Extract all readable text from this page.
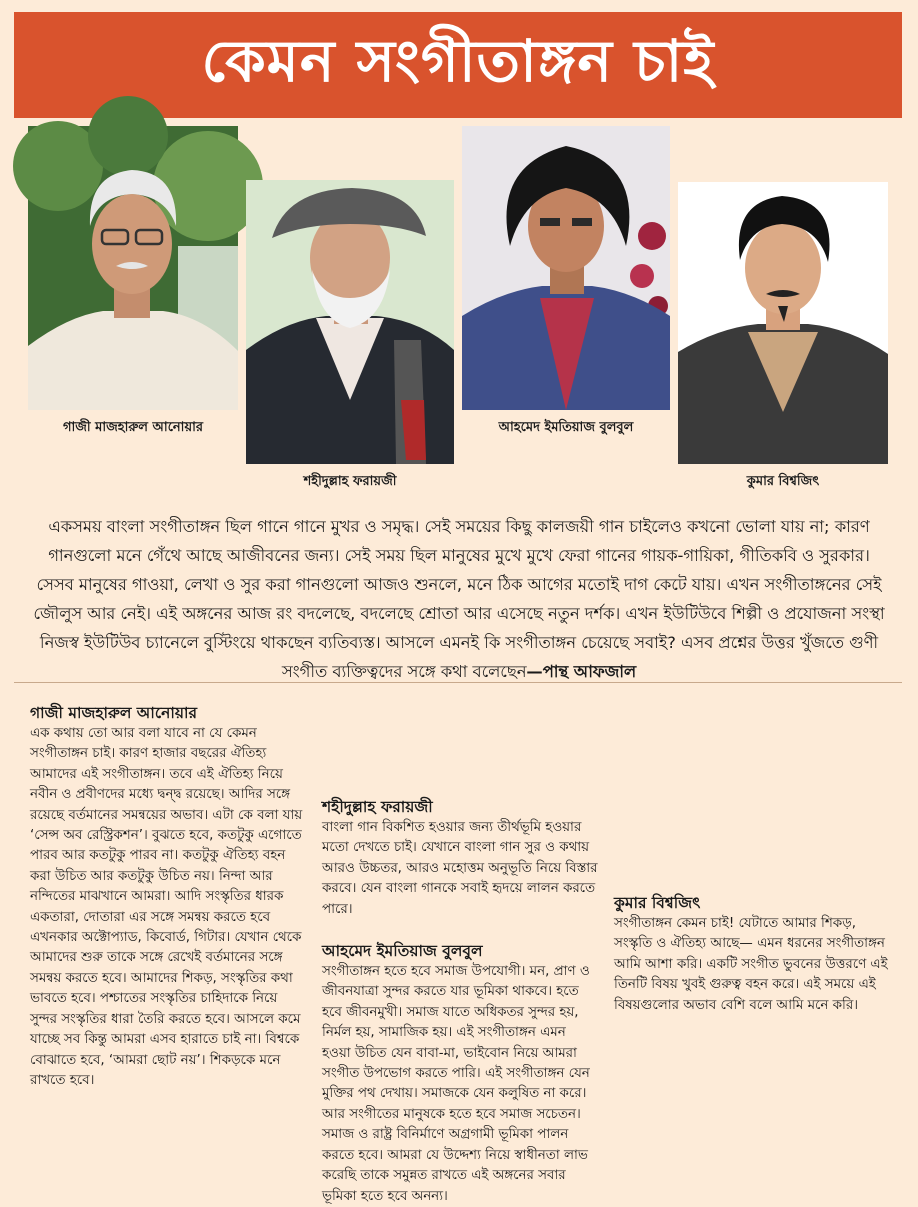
কেমন সংগীতাঙ্গন চাই
গাজী মাজহারুল আনোয়ার
শহীদুল্লাহ ফরায়জী
আহমেদ ইমতিয়াজ বুলবুল
কুমার বিশ্বজিৎ

একসময় বাংলা সংগীতাঙ্গন ছিল গানে গানে মুখর ও সমৃদ্ধ। সেই সময়ের কিছু কালজয়ী গান চাইলেও কখনো ভোলা যায় না; কারণ গানগুলো মনে গেঁথে আছে আজীবনের জন্য। সেই সময় ছিল মানুষের মুখে মুখে ফেরা গানের গায়ক-গায়িকা, গীতিকবি ও সুরকার। সেসব মানুষের গাওয়া, লেখা ও সুর করা গানগুলো আজও শুনলে, মনে ঠিক আগের মতোই দাগ কেটে যায়। এখন সংগীতাঙ্গনের সেই জৌলুস আর নেই। এই অঙ্গনের আজ রং বদলেছে, বদলেছে শ্রোতা আর এসেছে নতুন দর্শক। এখন ইউটিউবে শিল্পী ও প্রযোজনা সংস্থা নিজস্ব ইউটিউব চ্যানেলে বুস্টিংয়ে থাকছেন ব্যতিব্যস্ত। আসলে এমনই কি সংগীতাঙ্গন চেয়েছে সবাই? এসব প্রশ্নের উত্তর খুঁজতে গুণী সংগীত ব্যক্তিত্বদের সঙ্গে কথা বলেছেন—পান্থ আফজাল

গাজী মাজহারুল আনোয়ার

এক কথায় তো আর বলা যাবে না যে কেমন সংগীতাঙ্গন চাই। কারণ হাজার বছরের ঐতিহ্য আমাদের এই সংগীতাঙ্গন। তবে এই ঐতিহ্য নিয়ে নবীন ও প্রবীণদের মধ্যে দ্বন্দ্ব রয়েছে। আদির সঙ্গে রয়েছে বর্তমানের সমন্বয়ের অভাব। এটা কে বলা যায় ‘সেন্স অব রেস্ট্রিকশন’। বুঝতে হবে, কতটুকু এগোতে পারব আর কতটুকু পারব না। কতটুকু ঐতিহ্য বহন করা উচিত আর কতটুকু উচিত নয়। নিন্দা আর নন্দিতের মাঝখানে আমরা। আদি সংস্কৃতির ধারক একতারা, দোতারা এর সঙ্গে সমন্বয় করতে হবে এখনকার অক্টোপ্যাড, কিবোর্ড, গিটার। যেখান থেকে আমাদের শুরু তাকে সঙ্গে রেখেই বর্তমানের সঙ্গে সমন্বয় করতে হবে। আমাদের শিকড়, সংস্কৃতির কথা ভাবতে হবে। পশ্চাতের সংস্কৃতির চাহিদাকে নিয়ে সুন্দর সংস্কৃতির ধারা তৈরি করতে হবে। আসলে কমে যাচ্ছে সব কিন্তু আমরা এসব হারাতে চাই না। বিশ্বকে বোঝাতে হবে, ‘আমরা ছোট নয়’। শিকড়কে মনে রাখতে হবে।

শহীদুল্লাহ ফরায়জী

বাংলা গান বিকশিত হওয়ার জন্য তীর্থভূমি হওয়ার মতো দেখতে চাই। যেখানে বাংলা গান সুর ও কথায় আরও উচ্চতর, আরও মহোত্তম অনুভূতি নিয়ে বিস্তার করবে। যেন বাংলা গানকে সবাই হৃদয়ে লালন করতে পারে।

আহমেদ ইমতিয়াজ বুলবুল

সংগীতাঙ্গন হতে হবে সমাজ উপযোগী। মন, প্রাণ ও জীবনযাত্রা সুন্দর করতে যার ভূমিকা থাকবে। হতে হবে জীবনমুখী। সমাজ যাতে অধিকতর সুন্দর হয়, নির্মল হয়, সামাজিক হয়। এই সংগীতাঙ্গন এমন হওয়া উচিত যেন বাবা-মা, ভাইবোন নিয়ে আমরা সংগীত উপভোগ করতে পারি। এই সংগীতাঙ্গন যেন মুক্তির পথ দেখায়। সমাজকে যেন কলুষিত না করে। আর সংগীতের মানুষকে হতে হবে সমাজ সচেতন। সমাজ ও রাষ্ট্র বিনির্মাণে অগ্রগামী ভূমিকা পালন করতে হবে। আমরা যে উদ্দেশ্য নিয়ে স্বাধীনতা লাভ করেছি তাকে সমুন্নত রাখতে এই অঙ্গনের সবার ভূমিকা হতে হবে অনন্য।

কুমার বিশ্বজিৎ

সংগীতাঙ্গন কেমন চাই! যেটাতে আমার শিকড়, সংস্কৃতি ও ঐতিহ্য আছে— এমন ধরনের সংগীতাঙ্গন আমি আশা করি। একটি সংগীত ভুবনের উত্তরণে এই তিনটি বিষয় খুবই গুরুত্ব বহন করে। এই সময়ে এই বিষয়গুলোর অভাব বেশি বলে আমি মনে করি।
